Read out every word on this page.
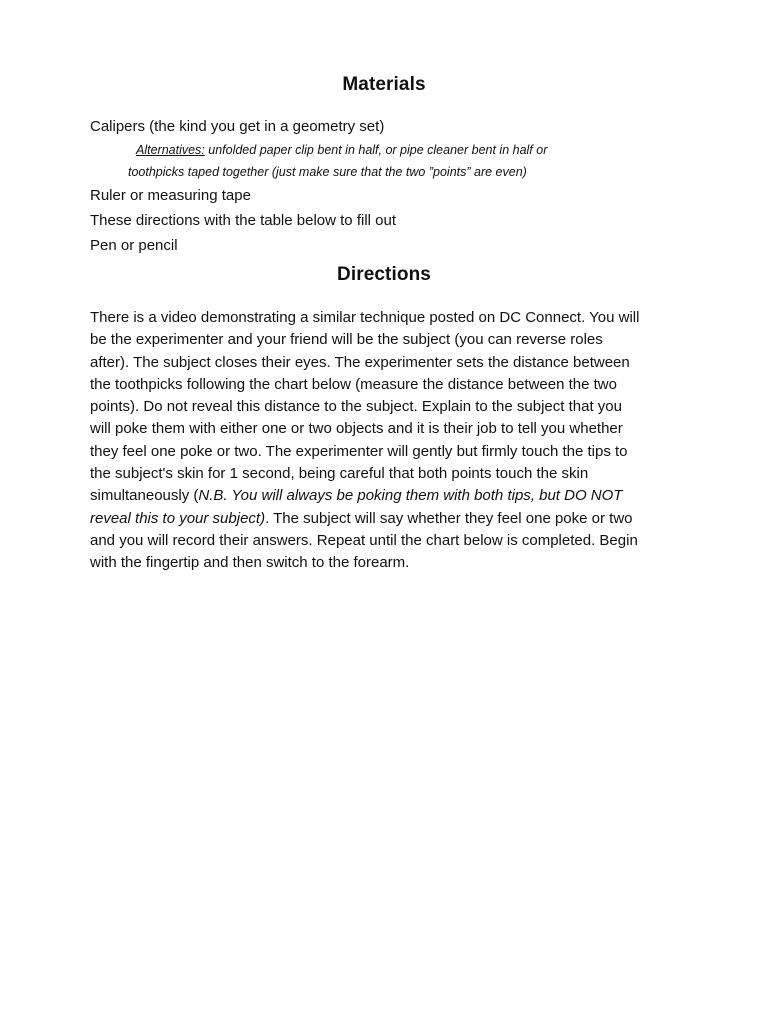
Materials
Calipers (the kind you get in a geometry set)
Alternatives: unfolded paper clip bent in half, or pipe cleaner bent in half or
toothpicks taped together (just make sure that the two ”points” are even)
Ruler or measuring tape
These directions with the table below to fill out
Pen or pencil
Directions
There is a video demonstrating a similar technique posted on DC Connect. You will
be the experimenter and your friend will be the subject (you can reverse roles
after). The subject closes their eyes. The experimenter sets the distance between
the toothpicks following the chart below (measure the distance between the two
points). Do not reveal this distance to the subject. Explain to the subject that you
will poke them with either one or two objects and it is their job to tell you whether
they feel one poke or two. The experimenter will gently but firmly touch the tips to
the subject's skin for 1 second, being careful that both points touch the skin
simultaneously (N.B. You will always be poking them with both tips, but DO NOT
reveal this to your subject). The subject will say whether they feel one poke or two
and you will record their answers. Repeat until the chart below is completed. Begin
with the fingertip and then switch to the forearm.
